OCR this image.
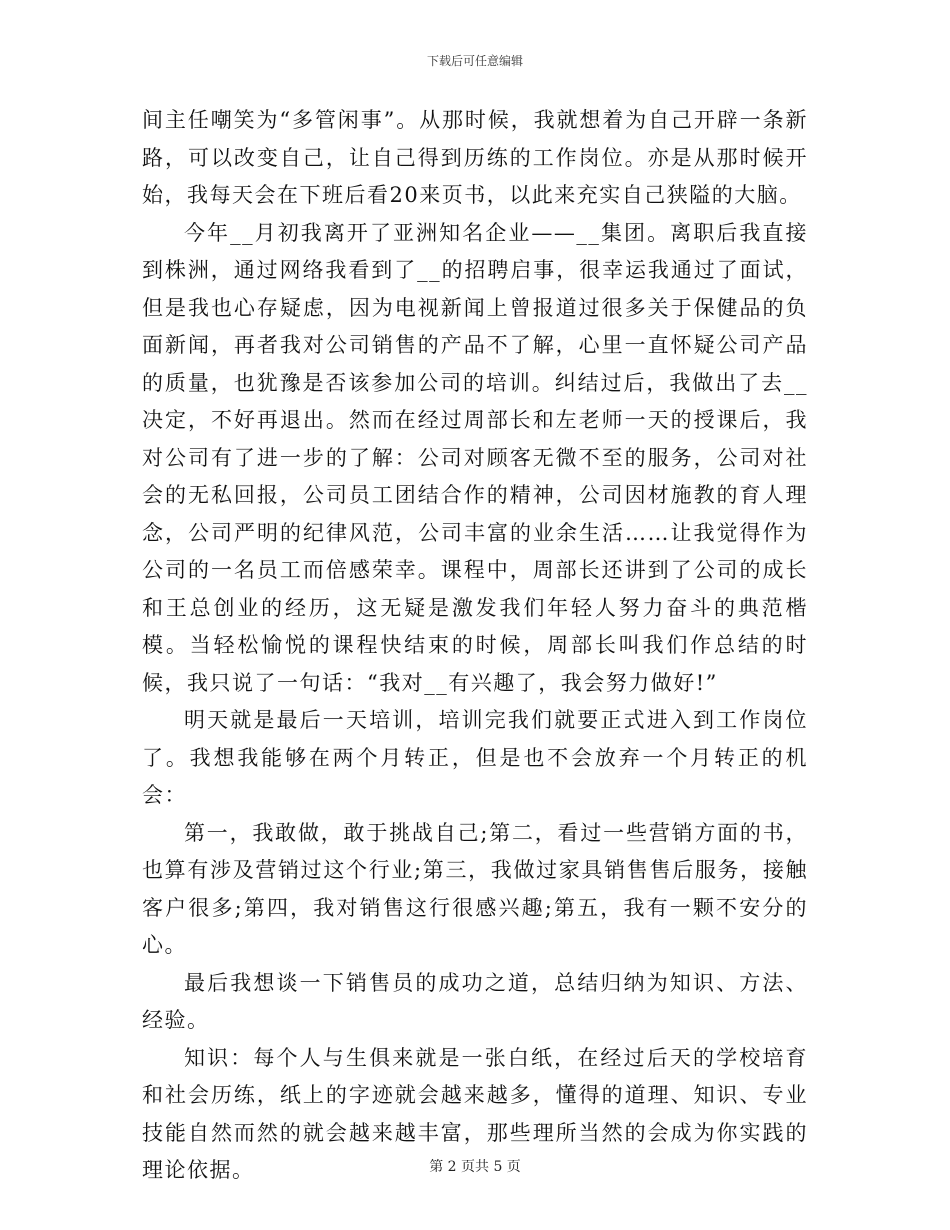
下载后可任意编辑

间主任嘲笑为“多管闲事”。从那时候，我就想着为自己开辟一条新路，可以改变自己，让自己得到历练的工作岗位。亦是从那时候开始，我每天会在下班后看20来页书，以此来充实自己狭隘的大脑。

今年__月初我离开了亚洲知名企业——__集团。离职后我直接到株洲，通过网络我看到了__的招聘启事，很幸运我通过了面试，但是我也心存疑虑，因为电视新闻上曾报道过很多关于保健品的负面新闻，再者我对公司销售的产品不了解，心里一直怀疑公司产品的质量，也犹豫是否该参加公司的培训。纠结过后，我做出了去__决定，不好再退出。然而在经过周部长和左老师一天的授课后，我对公司有了进一步的了解：公司对顾客无微不至的服务，公司对社会的无私回报，公司员工团结合作的精神，公司因材施教的育人理念，公司严明的纪律风范，公司丰富的业余生活……让我觉得作为公司的一名员工而倍感荣幸。课程中，周部长还讲到了公司的成长和王总创业的经历，这无疑是激发我们年轻人努力奋斗的典范楷模。当轻松愉悦的课程快结束的时候，周部长叫我们作总结的时候，我只说了一句话：“我对__有兴趣了，我会努力做好!”

明天就是最后一天培训，培训完我们就要正式进入到工作岗位了。我想我能够在两个月转正，但是也不会放弃一个月转正的机会：

第一，我敢做，敢于挑战自己;第二，看过一些营销方面的书，也算有涉及营销过这个行业;第三，我做过家具销售售后服务，接触客户很多;第四，我对销售这行很感兴趣;第五，我有一颗不安分的心。

最后我想谈一下销售员的成功之道，总结归纳为知识、方法、经验。

知识：每个人与生俱来就是一张白纸，在经过后天的学校培育和社会历练，纸上的字迹就会越来越多，懂得的道理、知识、专业技能自然而然的就会越来越丰富，那些理所当然的会成为你实践的理论依据。	第 2 页共 5 页
